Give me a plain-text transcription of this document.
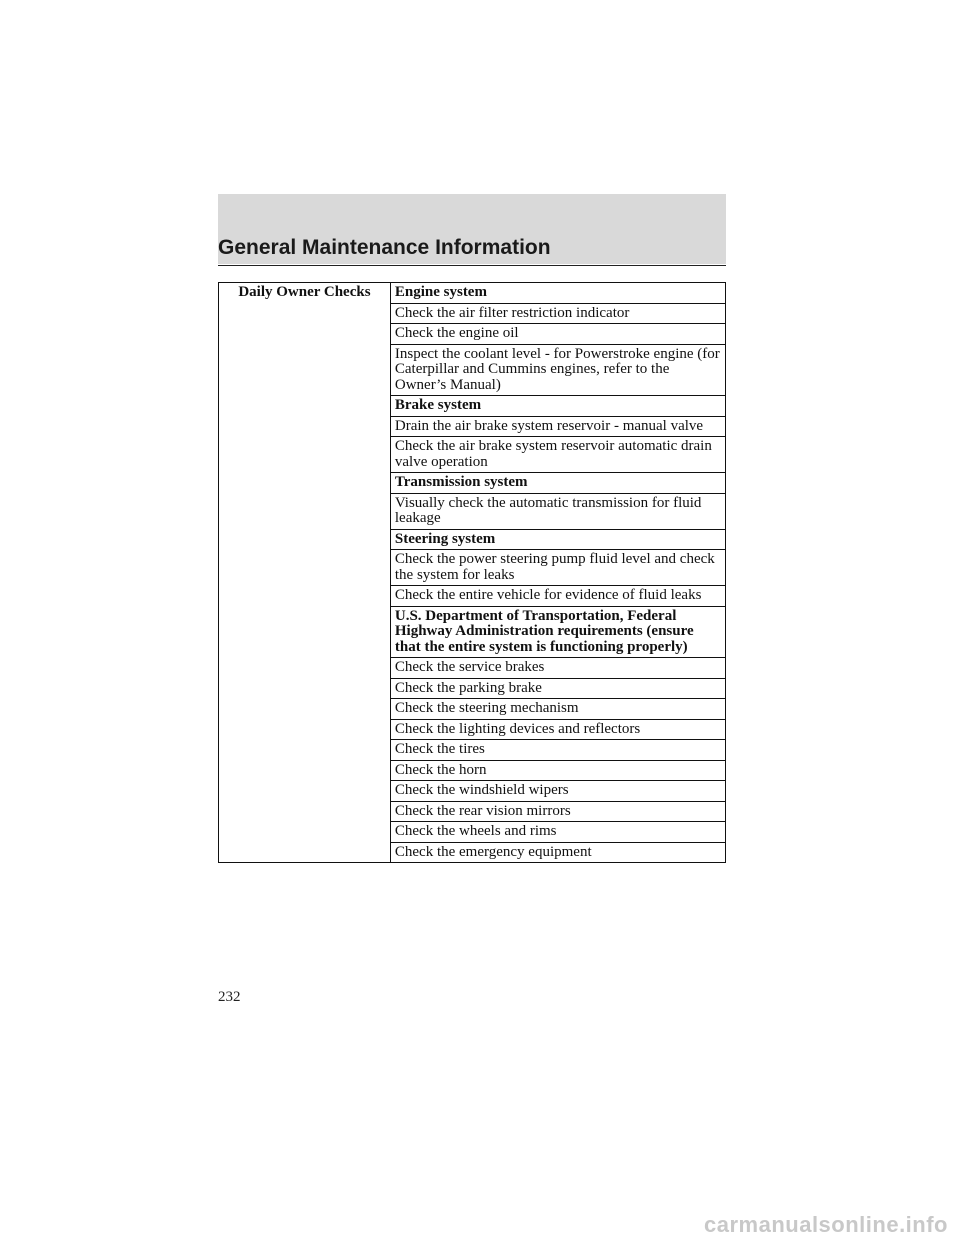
General Maintenance Information
Daily Owner Checks	Engine system
Check the air filter restriction indicator
Check the engine oil
Inspect the coolant level - for Powerstroke engine (for Caterpillar and Cummins engines, refer to the Owner’s Manual)
Brake system
Drain the air brake system reservoir - manual valve
Check the air brake system reservoir automatic drain valve operation
Transmission system
Visually check the automatic transmission for fluid leakage
Steering system
Check the power steering pump fluid level and check the system for leaks
Check the entire vehicle for evidence of fluid leaks
U.S. Department of Transportation, Federal Highway Administration requirements (ensure that the entire system is functioning properly)
Check the service brakes
Check the parking brake
Check the steering mechanism
Check the lighting devices and reflectors
Check the tires
Check the horn
Check the windshield wipers
Check the rear vision mirrors
Check the wheels and rims
Check the emergency equipment
232
carmanualsonline.info
